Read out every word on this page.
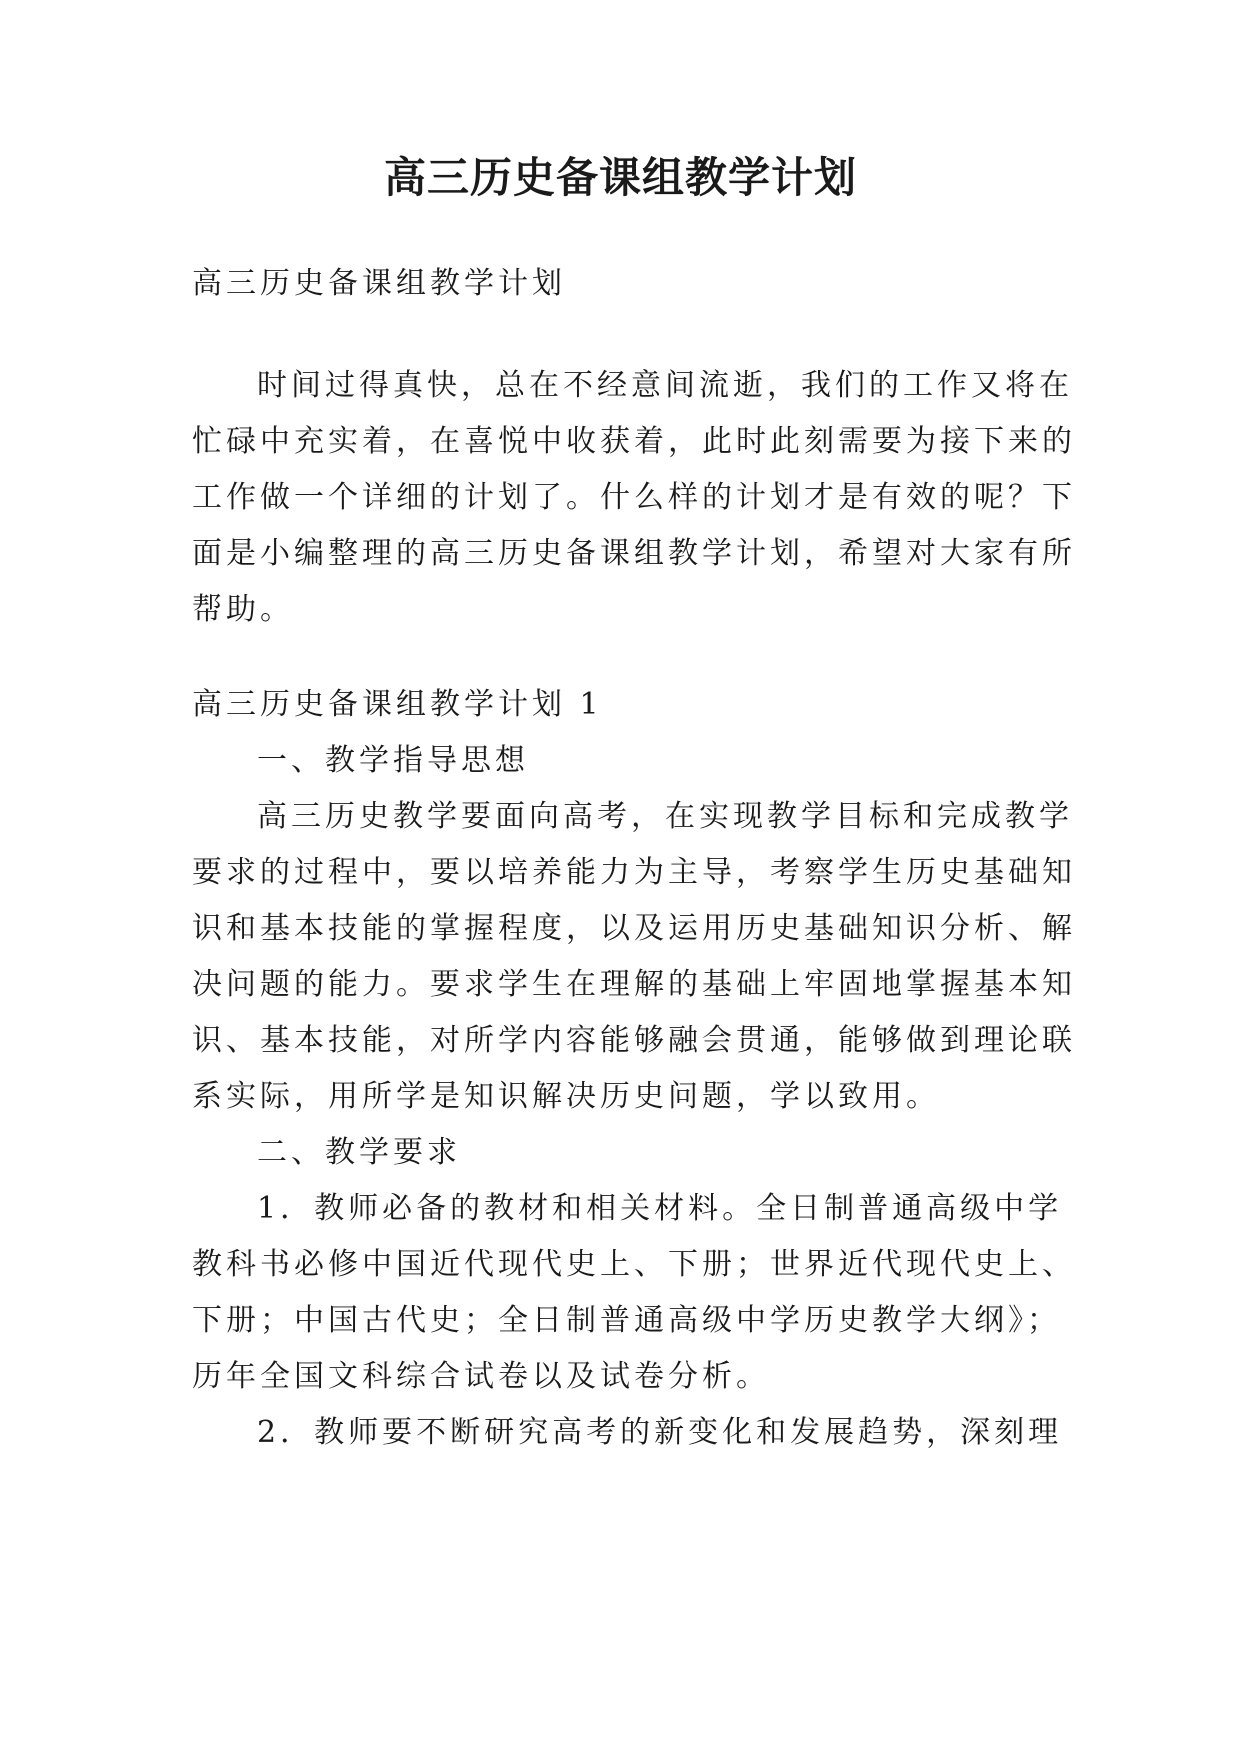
高三历史备课组教学计划

高三历史备课组教学计划

时间过得真快，总在不经意间流逝，我们的工作又将在

忙碌中充实着，在喜悦中收获着，此时此刻需要为接下来的

工作做一个详细的计划了。什么样的计划才是有效的呢？下

面是小编整理的高三历史备课组教学计划，希望对大家有所

帮助。

高三历史备课组教学计划 1

一、教学指导思想

高三历史教学要面向高考，在实现教学目标和完成教学

要求的过程中，要以培养能力为主导，考察学生历史基础知

识和基本技能的掌握程度，以及运用历史基础知识分析、解

决问题的能力。要求学生在理解的基础上牢固地掌握基本知

识、基本技能，对所学内容能够融会贯通，能够做到理论联

系实际，用所学是知识解决历史问题，学以致用。

二、教学要求

1．教师必备的教材和相关材料。全日制普通高级中学

教科书必修中国近代现代史上、下册；世界近代现代史上、

下册；中国古代史；全日制普通高级中学历史教学大纲》；

历年全国文科综合试卷以及试卷分析。

2．教师要不断研究高考的新变化和发展趋势，深刻理
